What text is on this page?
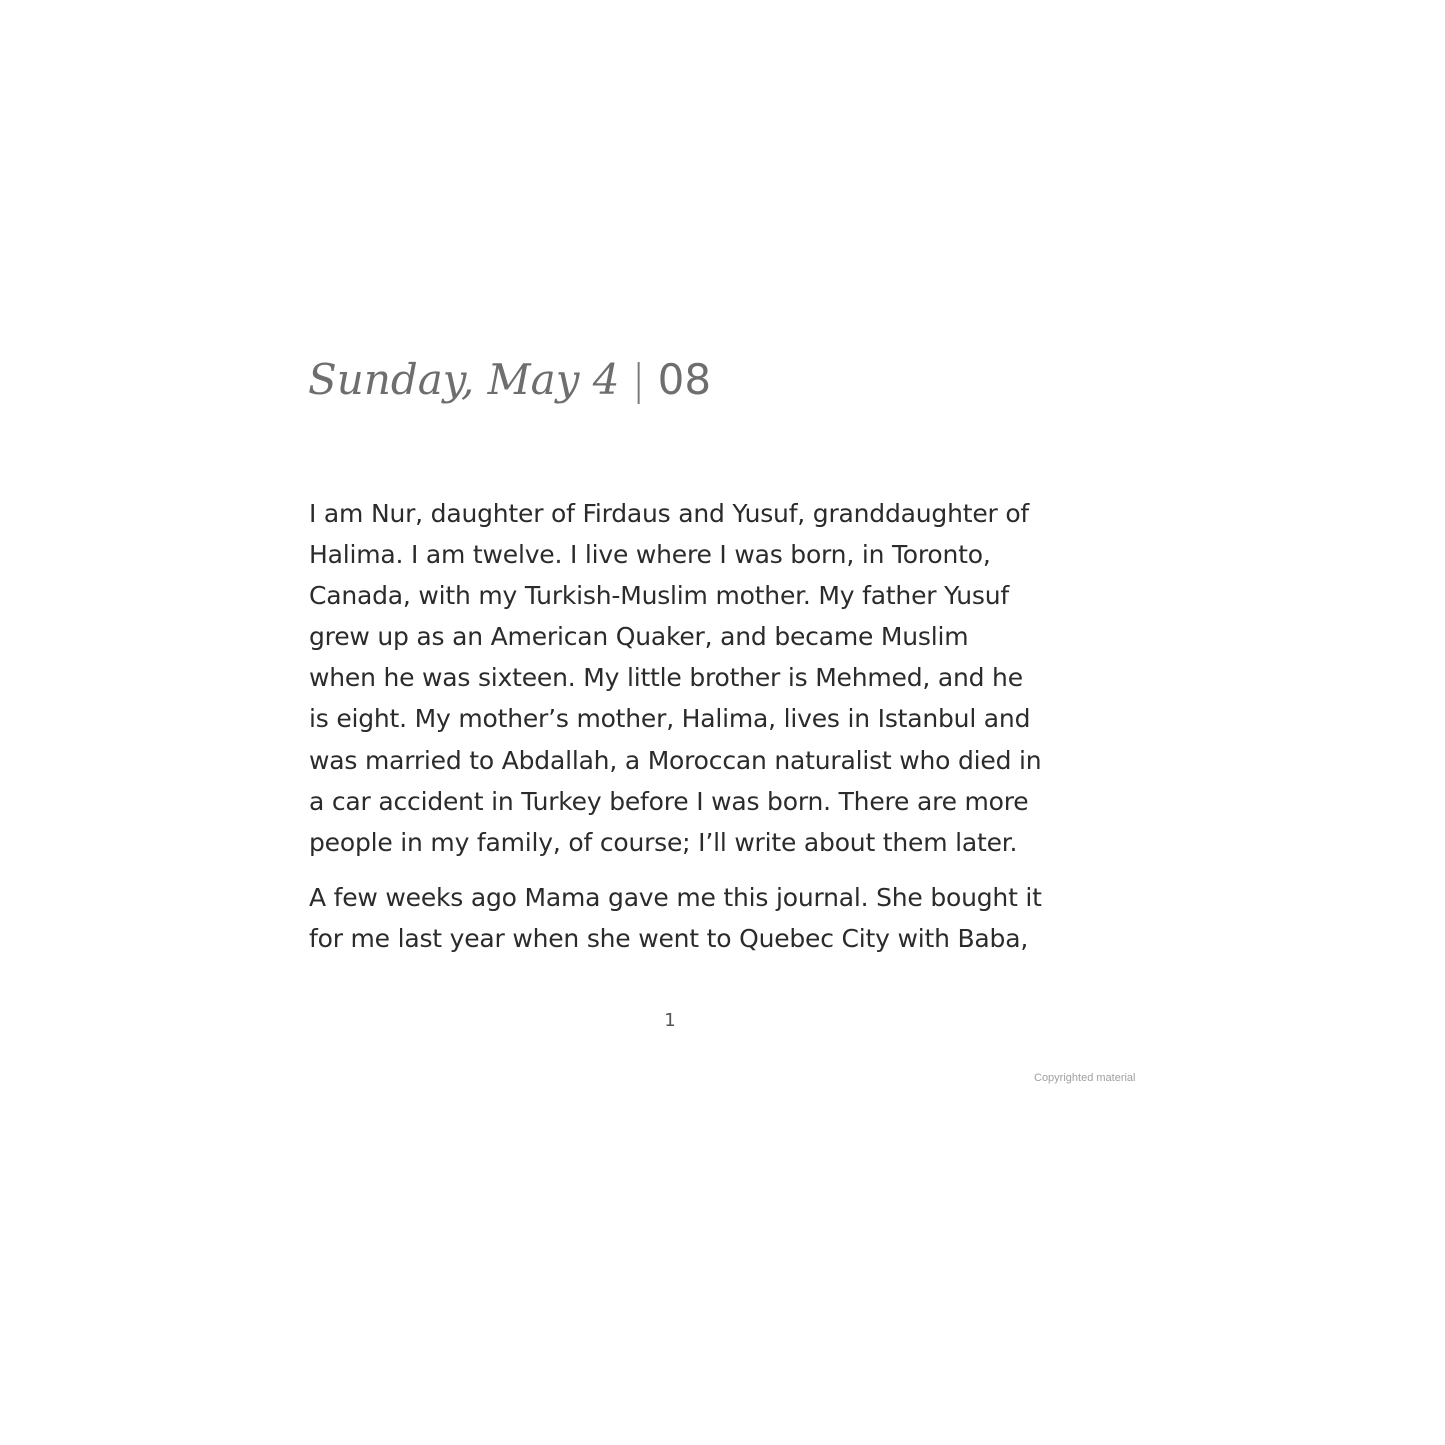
Sunday, May 4 | 08

I am Nur, daughter of Firdaus and Yusuf, granddaughter of
Halima. I am twelve. I live where I was born, in Toronto,
Canada, with my Turkish-Muslim mother. My father Yusuf
grew up as an American Quaker, and became Muslim
when he was sixteen. My little brother is Mehmed, and he
is eight. My mother’s mother, Halima, lives in Istanbul and
was married to Abdallah, a Moroccan naturalist who died in
a car accident in Turkey before I was born. There are more
people in my family, of course; I’ll write about them later.

A few weeks ago Mama gave me this journal. She bought it
for me last year when she went to Quebec City with Baba,

1
Copyrighted material
